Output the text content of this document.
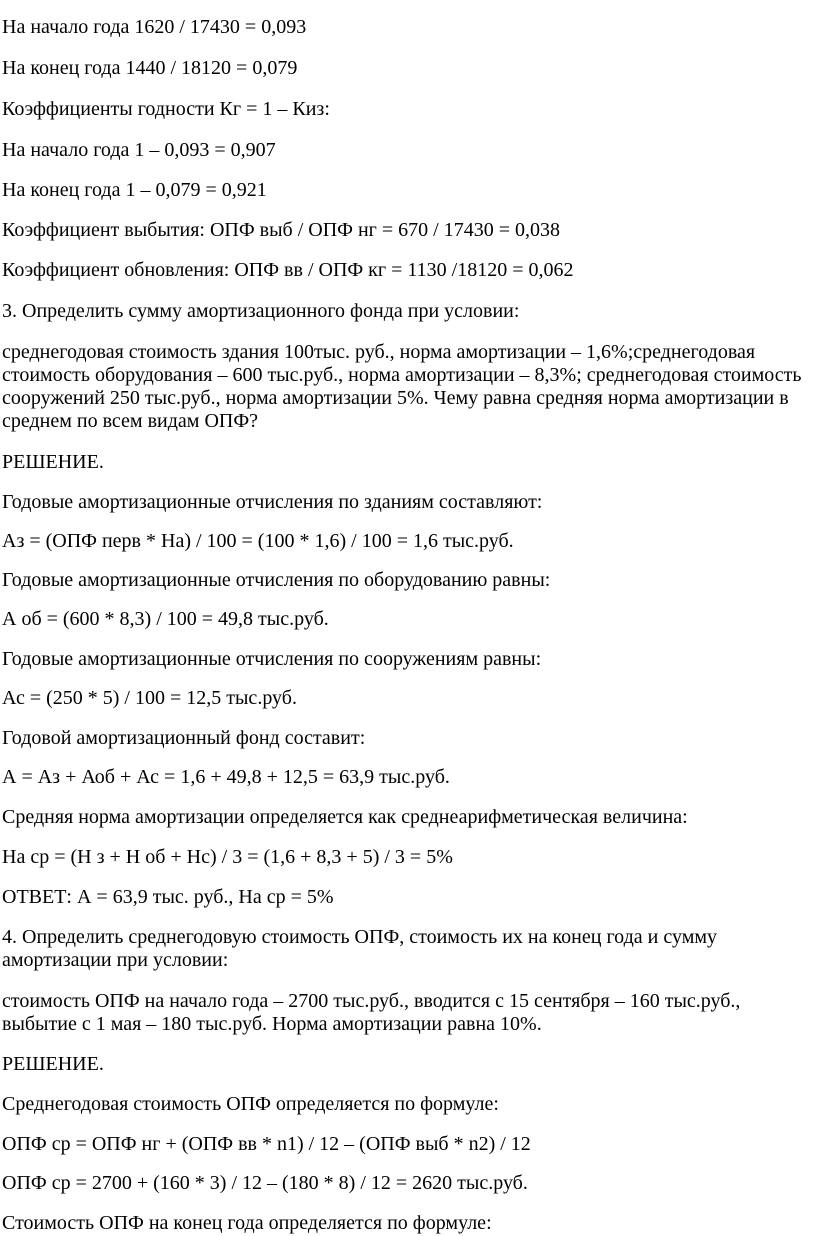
На начало года 1620 / 17430 = 0,093

На конец года 1440 / 18120 = 0,079

Коэффициенты годности Кг = 1 – Киз:

На начало года 1 – 0,093 = 0,907

На конец года 1 – 0,079 = 0,921

Коэффициент выбытия: ОПФ выб / ОПФ нг = 670 / 17430 = 0,038

Коэффициент обновления: ОПФ вв / ОПФ кг = 1130 /18120 = 0,062

3. Определить сумму амортизационного фонда при условии:

среднегодовая стоимость здания 100тыс. руб., норма амортизации – 1,6%;среднегодовая стоимость оборудования – 600 тыс.руб., норма амортизации – 8,3%; среднегодовая стоимость сооружений 250 тыс.руб., норма амортизации 5%. Чему равна средняя норма амортизации в среднем по всем видам ОПФ?

РЕШЕНИЕ.

Годовые амортизационные отчисления по зданиям составляют:

Аз = (ОПФ перв * На) / 100 = (100 * 1,6) / 100 = 1,6 тыс.руб.

Годовые амортизационные отчисления по оборудованию равны:

А об = (600 * 8,3) / 100 = 49,8 тыс.руб.

Годовые амортизационные отчисления по сооружениям равны:

Ас = (250 * 5) / 100 = 12,5 тыс.руб.

Годовой амортизационный фонд составит:

А = Аз + Аоб + Ас = 1,6 + 49,8 + 12,5 = 63,9 тыс.руб.

Средняя норма амортизации определяется как среднеарифметическая величина:

На ср = (Н з + Н об + Нс) / 3 = (1,6 + 8,3 + 5) / 3 = 5%

ОТВЕТ: А = 63,9 тыс. руб., На ср = 5%

4. Определить среднегодовую стоимость ОПФ, стоимость их на конец года и сумму амортизации при условии:

стоимость ОПФ на начало года – 2700 тыс.руб., вводится с 15 сентября – 160 тыс.руб., выбытие с 1 мая – 180 тыс.руб. Норма амортизации равна 10%.

РЕШЕНИЕ.

Среднегодовая стоимость ОПФ определяется по формуле:

ОПФ ср = ОПФ нг + (ОПФ вв * n1) / 12 – (ОПФ выб * n2) / 12

ОПФ ср = 2700 + (160 * 3) / 12 – (180 * 8) / 12 = 2620 тыс.руб.

Стоимость ОПФ на конец года определяется по формуле:
